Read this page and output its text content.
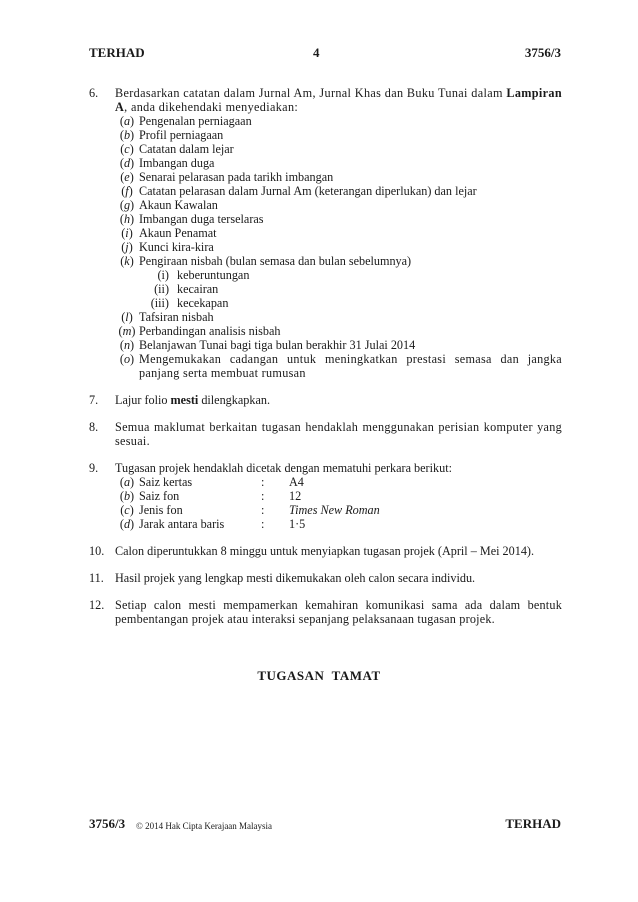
TERHAD	4	3756/3
6.	Berdasarkan catatan dalam Jurnal Am, Jurnal Khas dan Buku Tunai dalam Lampiran A, anda dikehendaki menyediakan:
(a) Pengenalan perniagaan
(b) Profil perniagaan
(c) Catatan dalam lejar
(d) Imbangan duga
(e) Senarai pelarasan pada tarikh imbangan
(f) Catatan pelarasan dalam Jurnal Am (keterangan diperlukan) dan lejar
(g) Akaun Kawalan
(h) Imbangan duga terselaras
(i) Akaun Penamat
(j) Kunci kira-kira
(k) Pengiraan nisbah (bulan semasa dan bulan sebelumnya)
(i) keberuntungan
(ii) kecairan
(iii) kecekapan
(l) Tafsiran nisbah
(m) Perbandingan analisis nisbah
(n) Belanjawan Tunai bagi tiga bulan berakhir 31 Julai 2014
(o) Mengemukakan cadangan untuk meningkatkan prestasi semasa dan jangka panjang serta membuat rumusan
7.	Lajur folio mesti dilengkapkan.
8.	Semua maklumat berkaitan tugasan hendaklah menggunakan perisian komputer yang sesuai.
9.	Tugasan projek hendaklah dicetak dengan mematuhi perkara berikut:
(a) Saiz kertas	:	A4
(b) Saiz fon	:	12
(c) Jenis fon	:	Times New Roman
(d) Jarak antara baris	:	1·5
10. Calon diperuntukkan 8 minggu untuk menyiapkan tugasan projek (April – Mei 2014).
11. Hasil projek yang lengkap mesti dikemukakan oleh calon secara individu.
12. Setiap calon mesti mempamerkan kemahiran komunikasi sama ada dalam bentuk pembentangan projek atau interaksi sepanjang pelaksanaan tugasan projek.
TUGASAN  TAMAT
3756/3 © 2014 Hak Cipta Kerajaan Malaysia	TERHAD
